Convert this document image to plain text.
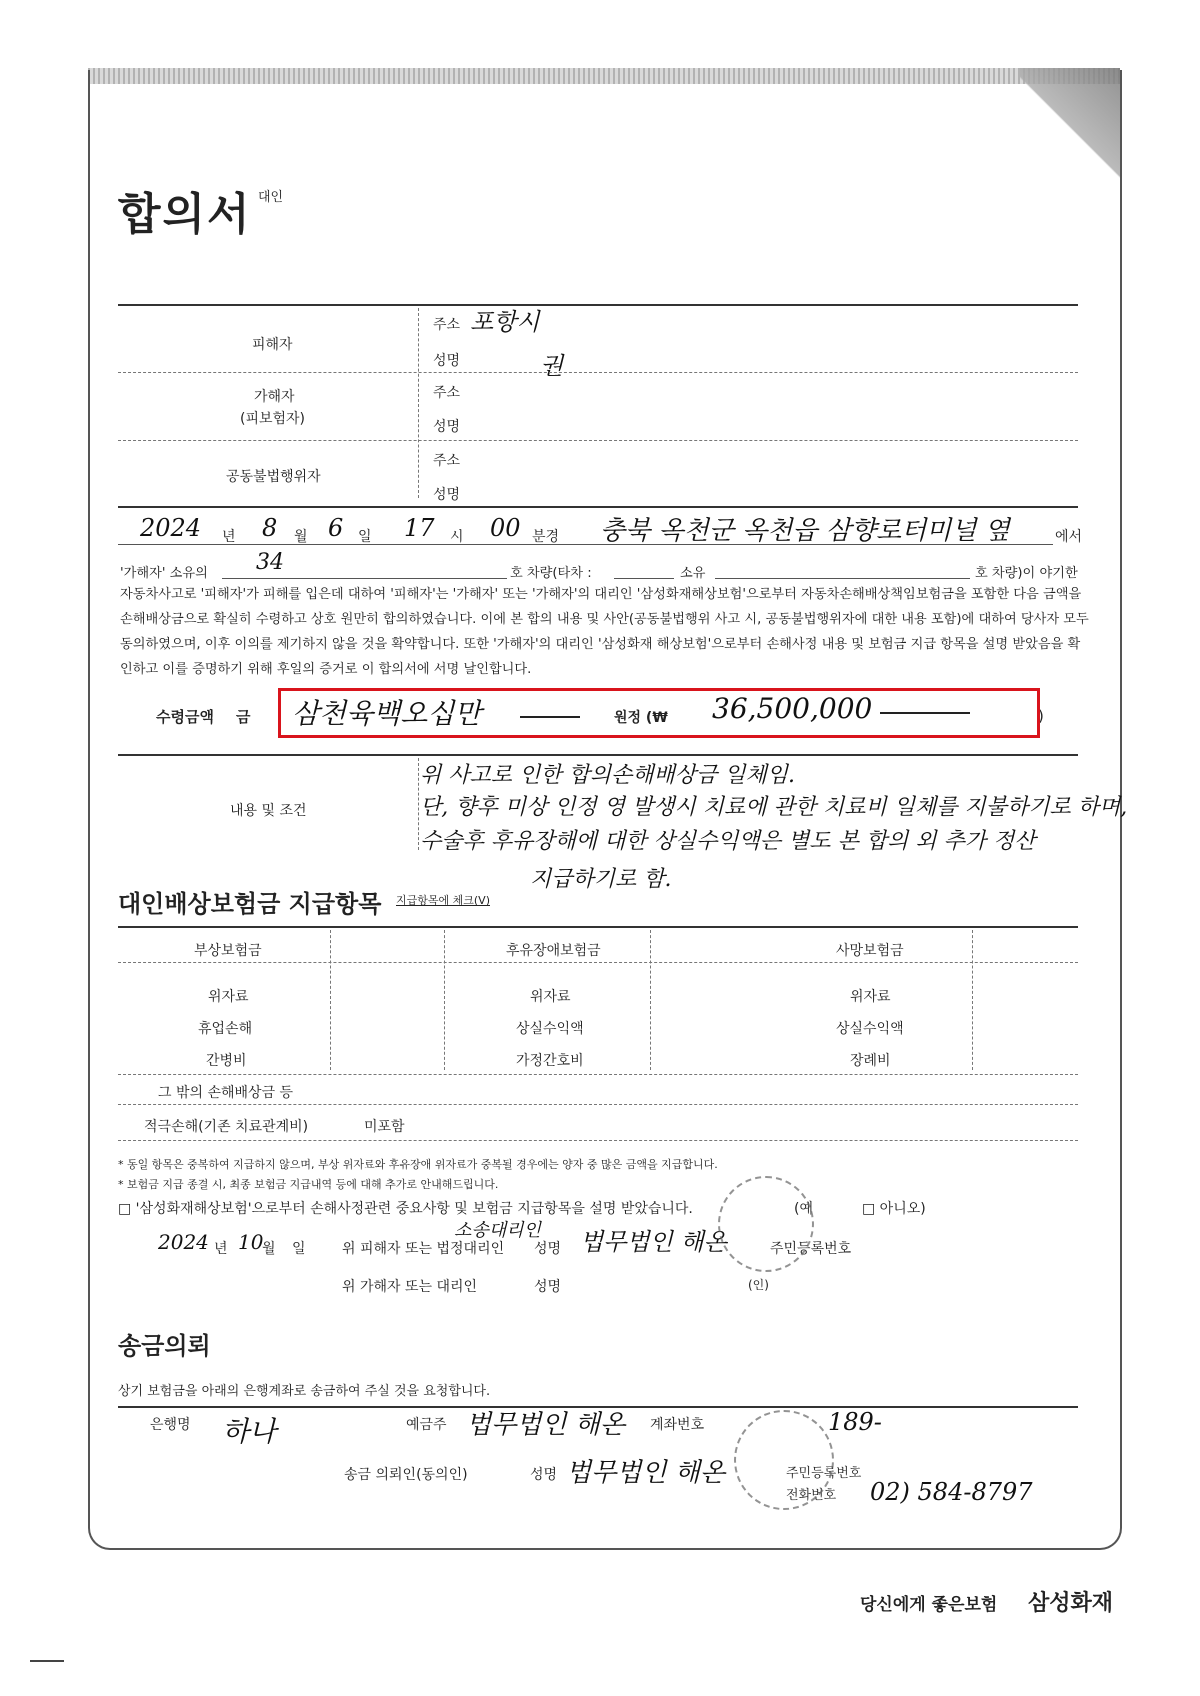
합의서 대인
피해자
주소 포항시
성명	권
가해자
(피보험자)
주소
성명
공동불법행위자
주소
성명
2024 년 8 월 6 일 17 시 00 분경 충북 옥천군 옥천읍 삼향로터미널 옆	에서
'가해자' 소유의 34	호 차량(타차 :	소유	호 차량)이 야기한
자동차사고로 '피해자'가 피해를 입은데 대하여 '피해자'는 '가해자' 또는 '가해자'의 대리인 '삼성화재해상보험'으로부터 자동차손해배상책임보험금을 포함한 다음 금액을 손해배상금으로 확실히 수령하고 상호 원만히 합의하였습니다. 이에 본 합의 내용 및 사안(공동불법행위 사고 시, 공동불법행위자에 대한 내용 포함)에 대하여 당사자 모두 동의하였으며, 이후 이의를 제기하지 않을 것을 확약합니다. 또한 '가해자'의 대리인 '삼성화재 해상보험'으로부터 손해사정 내용 및 보험금 지급 항목을 설명 받았음을 확인하고 이를 증명하기 위해 후일의 증거로 이 합의서에 서명 날인합니다.
수령금액 금 삼천육백오십만	원정 (₩ 36,500,000	)
내용 및 조건
위 사고로 인한 합의손해배상금 일체임.
단, 향후 미상 인정 영 발생시 치료에 관한 치료비 일체를 지불하기로 하며,
수술후 후유장해에 대한 상실수익액은 별도 본 합의 외 추가 정산
지급하기로 함.
대인배상보험금 지급항목 지급항목에 체크(V)
부상보험금	후유장애보험금	사망보험금
위자료	위자료	위자료
휴업손해	상실수익액	상실수익액
간병비	가정간호비	장례비
그 밖의 손해배상금 등
적극손해(기존 치료관계비)	미포함
* 동일 항목은 중복하여 지급하지 않으며, 부상 위자료와 후유장애 위자료가 중복될 경우에는 양자 중 많은 금액을 지급합니다.
* 보험금 지급 종결 시, 최종 보험금 지급내역 등에 대해 추가로 안내해드립니다.
□ '삼성화재해상보험'으로부터 손해사정관련 중요사항 및 보험금 지급항목을 설명 받았습니다.	(예	□ 아니오)
2024 년 10
월 일	위 피해자 또는 법정대리인
소송대리인
성명 법무법인 해온	주민등록번호
위 가해자 또는 대리인	성명	(인)
송금의뢰
상기 보험금을 아래의 은행계좌로 송금하여 주실 것을 요청합니다.
은행명 하나	예금주 법무법인 해온 계좌번호	189-
송금 의뢰인(동의인)	성명 법무법인 해온	주민등록번호
전화번호 02) 584-8797
당신에게 좋은보험 삼성화재
